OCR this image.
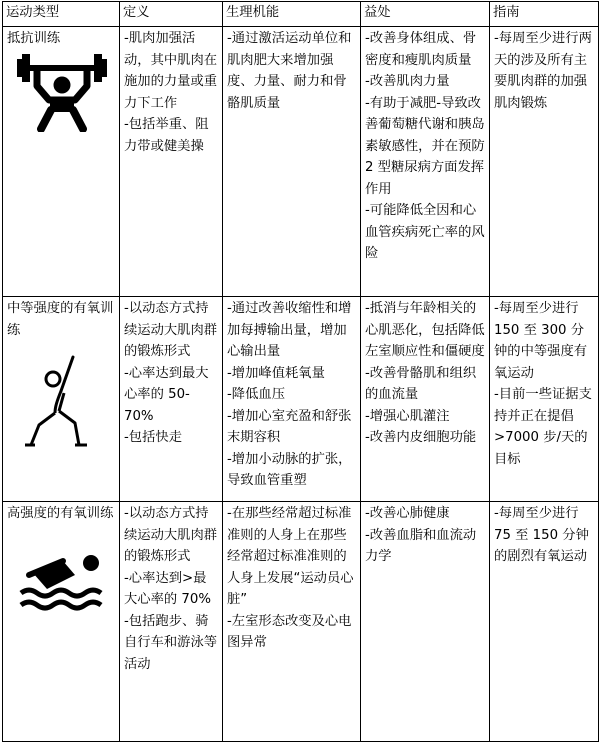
运动类型	定义	生理机能	益处	指南

抵抗训练	-肌肉加强活动，其中肌肉在施加的力量或重力下工作
-包括举重、阻力带或健美操	-通过激活运动单位和肌肉肥大来增加强度、力量、耐力和骨骼肌质量	-改善身体组成、骨密度和瘦肌肉质量
-改善肌肉力量
-有助于减肥-导致改善葡萄糖代谢和胰岛素敏感性，并在预防 2 型糖尿病方面发挥作用
-可能降低全因和心血管疾病死亡率的风险	-每周至少进行两天的涉及所有主要肌肉群的加强肌肉锻炼

中等强度的有氧训练	-以动态方式持续运动大肌肉群的锻炼形式
-心率达到最大心率的 50- 70%
-包括快走	-通过改善收缩性和增加每搏输出量，增加心输出量
-增加峰值耗氧量
-降低血压
-增加心室充盈和舒张末期容积
-增加小动脉的扩张，导致血管重塑	-抵消与年龄相关的心肌恶化，包括降低左室顺应性和僵硬度
-改善骨骼肌和组织的血流量
-增强心肌灌注
-改善内皮细胞功能	-每周至少进行 150 至 300 分钟的中等强度有氧运动
-目前一些证据支持并正在提倡>7000 步/天的目标

高强度的有氧训练	-以动态方式持续运动大肌肉群的锻炼形式
-心率达到>最大心率的 70%
-包括跑步、骑自行车和游泳等活动	-在那些经常超过标准准则的人身上在那些经常超过标准准则的人身上发展“运动员心脏”
-左室形态改变及心电图异常	-改善心肺健康
-改善血脂和血流动力学	-每周至少进行 75 至 150 分钟的剧烈有氧运动
